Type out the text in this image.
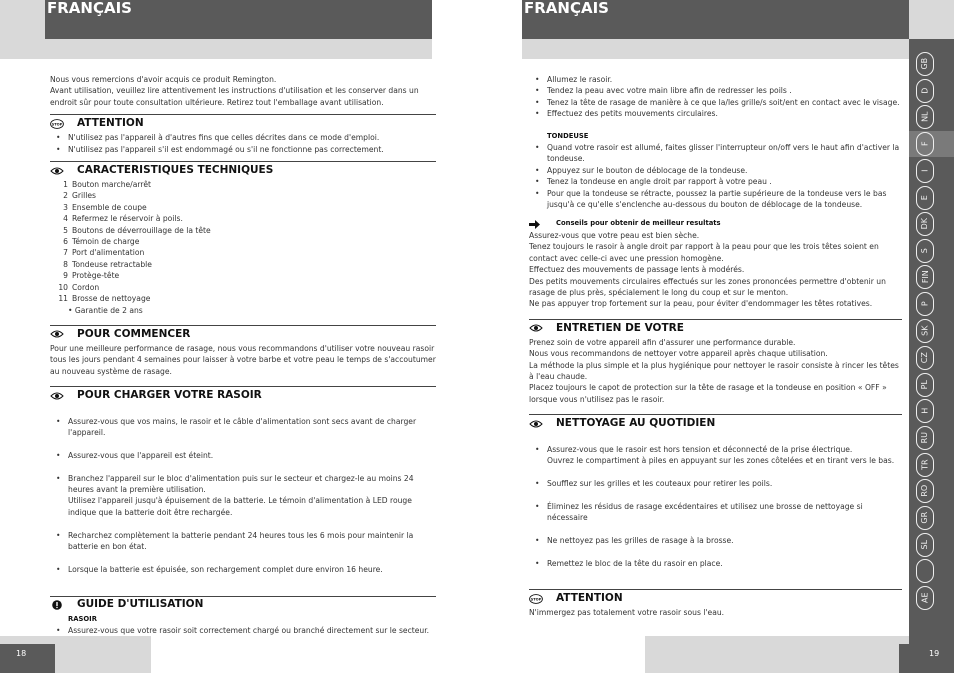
FRANÇAIS
18
FRANÇAIS
19
GB
D
NL
F
I
E
DK
S
FIN
P
SK
CZ
PL
H
RU
TR
RO
GR
SL
AE

Nous vous remercions d'avoir acquis ce produit Remington.

Avant utilisation, veuillez lire attentivement les instructions d'utilisation et les conserver dans un endroit sûr pour toute consultation ultérieure. Retirez tout l'emballage avant utilisation.

STOP ATTENTION
• N'utilisez pas l'appareil à d'autres fins que celles décrites dans ce mode d'emploi.
• N'utilisez pas l'appareil s'il est endommagé ou s'il ne fonctionne pas correctement.
CARACTERISTIQUES TECHNIQUES
1 Bouton marche/arrêt
2 Grilles
3 Ensemble de coupe
4 Refermez le réservoir à poils.
5 Boutons de déverrouillage de la tête
6 Témoin de charge
7 Port d'alimentation
8 Tondeuse retractable
9 Protège-tête
10 Cordon
11 Brosse de nettoyage

• Garantie de 2 ans

POUR COMMENCER

Pour une meilleure performance de rasage, nous vous recommandons d'utiliser votre nouveau rasoir tous les jours pendant 4 semaines pour laisser à votre barbe et votre peau le temps de s'accoutumer au nouveau système de rasage.

POUR CHARGER VOTRE RASOIR

• Assurez-vous que vos mains, le rasoir et le câble d'alimentation sont secs avant de charger l'appareil.

• Assurez-vous que l'appareil est éteint.

• Branchez l'appareil sur le bloc d'alimentation puis sur le secteur et chargez-le au moins 24 heures avant la première utilisation.
Utilisez l'appareil jusqu'à épuisement de la batterie. Le témoin d'alimentation à LED rouge indique que la batterie doit être rechargée.

• Recharchez complètement la batterie pendant 24 heures tous les 6 mois pour maintenir la batterie en bon état.

• Lorsque la batterie est épuisée, son rechargement complet dure environ 16 heure.

GUIDE D'UTILISATION
RASOIR
• Assurez-vous que votre rasoir soit correctement chargé ou branché directement sur le secteur.
• Allumez le rasoir.
• Tendez la peau avec votre main libre afin de redresser les poils .
• Tenez la tête de rasage de manière à ce que la/les grille/s soit/ent en contact avec le visage.
• Effectuez des petits mouvements circulaires.
TONDEUSE
• Quand votre rasoir est allumé, faites glisser l'interrupteur on/off vers le haut afin d'activer la tondeuse.
• Appuyez sur le bouton de déblocage de la tondeuse.
• Tenez la tondeuse en angle droit par rapport à votre peau .
• Pour que la tondeuse se rétracte, poussez la partie supérieure de la tondeuse vers le bas jusqu'à ce qu'elle s'enclenche au-dessous du bouton de déblocage de la tondeuse.
Conseils pour obtenir de meilleur resultats

Assurez-vous que votre peau est bien sèche.

Tenez toujours le rasoir à angle droit par rapport à la peau pour que les trois têtes soient en contact avec celle-ci avec une pression homogène.

Effectuez des mouvements de passage lents à modérés.

Des petits mouvements circulaires effectués sur les zones prononcées permettre d'obtenir un rasage de plus près, spécialement le long du coup et sur le menton.

Ne pas appuyer trop fortement sur la peau, pour éviter d'endommager les têtes rotatives.

ENTRETIEN DE VOTRE

Prenez soin de votre appareil afin d'assurer une performance durable.

Nous vous recommandons de nettoyer votre appareil après chaque utilisation.

La méthode la plus simple et la plus hygiénique pour nettoyer le rasoir consiste à rincer les têtes à l'eau chaude.

Placez toujours le capot de protection sur la tête de rasage et la tondeuse en position « OFF » lorsque vous n'utilisez pas le rasoir.

NETTOYAGE AU QUOTIDIEN

• Assurez-vous que le rasoir est hors tension et déconnecté de la prise électrique.
Ouvrez le compartiment à piles en appuyant sur les zones côtelées et en tirant vers le bas.

• Soufflez sur les grilles et les couteaux pour retirer les poils.

• Éliminez les résidus de rasage excédentaires et utilisez une brosse de nettoyage si nécessaire

• Ne nettoyez pas les grilles de rasage à la brosse.

• Remettez le bloc de la tête du rasoir en place.

STOP ATTENTION

N'immergez pas totalement votre rasoir sous l'eau.
